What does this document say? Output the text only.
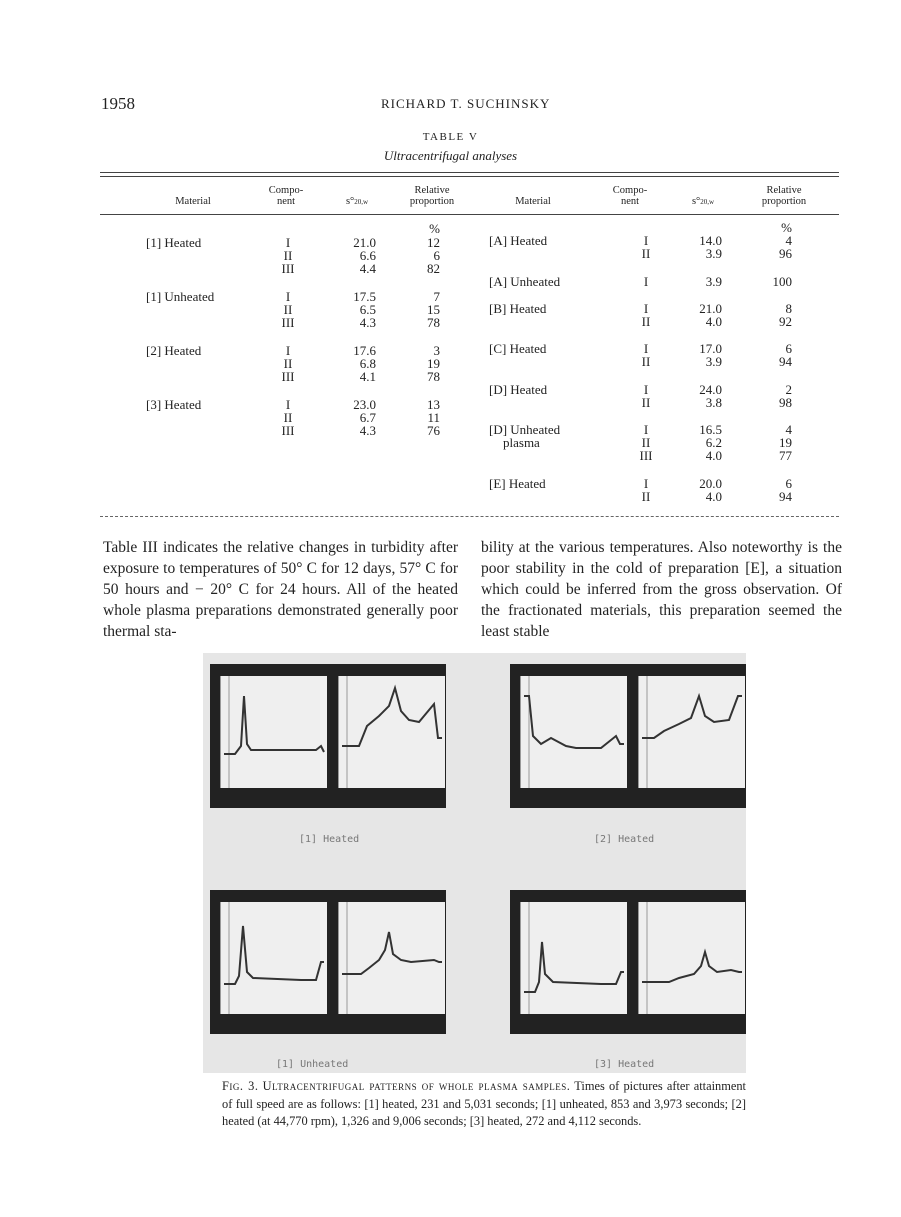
1958	RICHARD T. SUCHINSKY
TABLE V
Ultracentrifugal analyses
Material
Compo-
nent	s°20,w
Relative
proportion	Material
Compo-
nent	s°20,w
Relative
proportion
%	%
[1] Heated	I	21.0	12
II	6.6	6
III	4.4	82
[1] Unheated	I	17.5	7
II	6.5	15
III	4.3	78
[2] Heated	I	17.6	3
II	6.8	19
III	4.1	78
[3] Heated	I	23.0	13
II	6.7	11
III	4.3	76
[A] Heated	I	14.0	4
II	3.9	96
[A] Unheated	I	3.9	100
[B] Heated	I	21.0	8
II	4.0	92
[C] Heated	I	17.0	6
II	3.9	94
[D] Heated	I	24.0	2
II	3.8	98
[D] Unheated
plasma
I	16.5	4
II	6.2	19
III	4.0	77
[E] Heated	I	20.0	6
II	4.0	94
Table III indicates the relative changes in turbidity after exposure to temperatures of 50° C for 12 days, 57° C for 50 hours and − 20° C for 24 hours. All of the heated whole plasma preparations demonstrated generally poor thermal sta-
bility at the various temperatures. Also noteworthy is the poor stability in the cold of preparation [E], a situation which could be inferred from the gross observation. Of the fractionated materials, this preparation seemed the least stable
[1] Heated	[2] Heated
[1] Unheated	[3] Heated
Fig. 3. Ultracentrifugal patterns of whole plasma samples. Times of pictures after attainment of full speed are as follows: [1] heated, 231 and 5,031 seconds; [1] unheated, 853 and 3,973 seconds; [2] heated (at 44,770 rpm), 1,326 and 9,006 seconds; [3] heated, 272 and 4,112 seconds.
